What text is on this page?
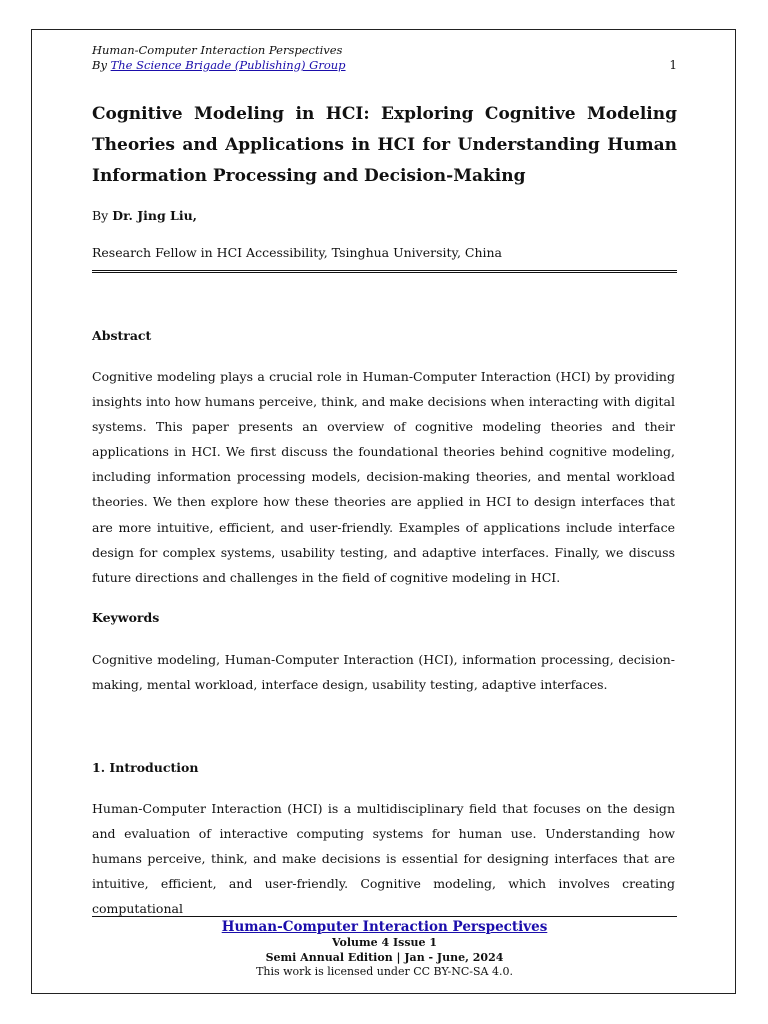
Human-Computer Interaction Perspectives
By The Science Brigade (Publishing) Group	1
Cognitive Modeling in HCI: Exploring Cognitive Modeling Theories and Applications in HCI for Understanding Human Information Processing and Decision-Making
By Dr. Jing Liu,
Research Fellow in HCI Accessibility, Tsinghua University, China
Abstract

Cognitive modeling plays a crucial role in Human-Computer Interaction (HCI) by providing insights into how humans perceive, think, and make decisions when interacting with digital systems. This paper presents an overview of cognitive modeling theories and their applications in HCI. We first discuss the foundational theories behind cognitive modeling, including information processing models, decision-making theories, and mental workload theories. We then explore how these theories are applied in HCI to design interfaces that are more intuitive, efficient, and user-friendly. Examples of applications include interface design for complex systems, usability testing, and adaptive interfaces. Finally, we discuss future directions and challenges in the field of cognitive modeling in HCI.

Keywords

Cognitive modeling, Human-Computer Interaction (HCI), information processing, decision-making, mental workload, interface design, usability testing, adaptive interfaces.

1. Introduction

Human-Computer Interaction (HCI) is a multidisciplinary field that focuses on the design and evaluation of interactive computing systems for human use. Understanding how humans perceive, think, and make decisions is essential for designing interfaces that are intuitive, efficient, and user-friendly. Cognitive modeling, which involves creating computational

Human-Computer Interaction Perspectives
Volume 4 Issue 1
Semi Annual Edition | Jan - June, 2024
This work is licensed under CC BY-NC-SA 4.0.
